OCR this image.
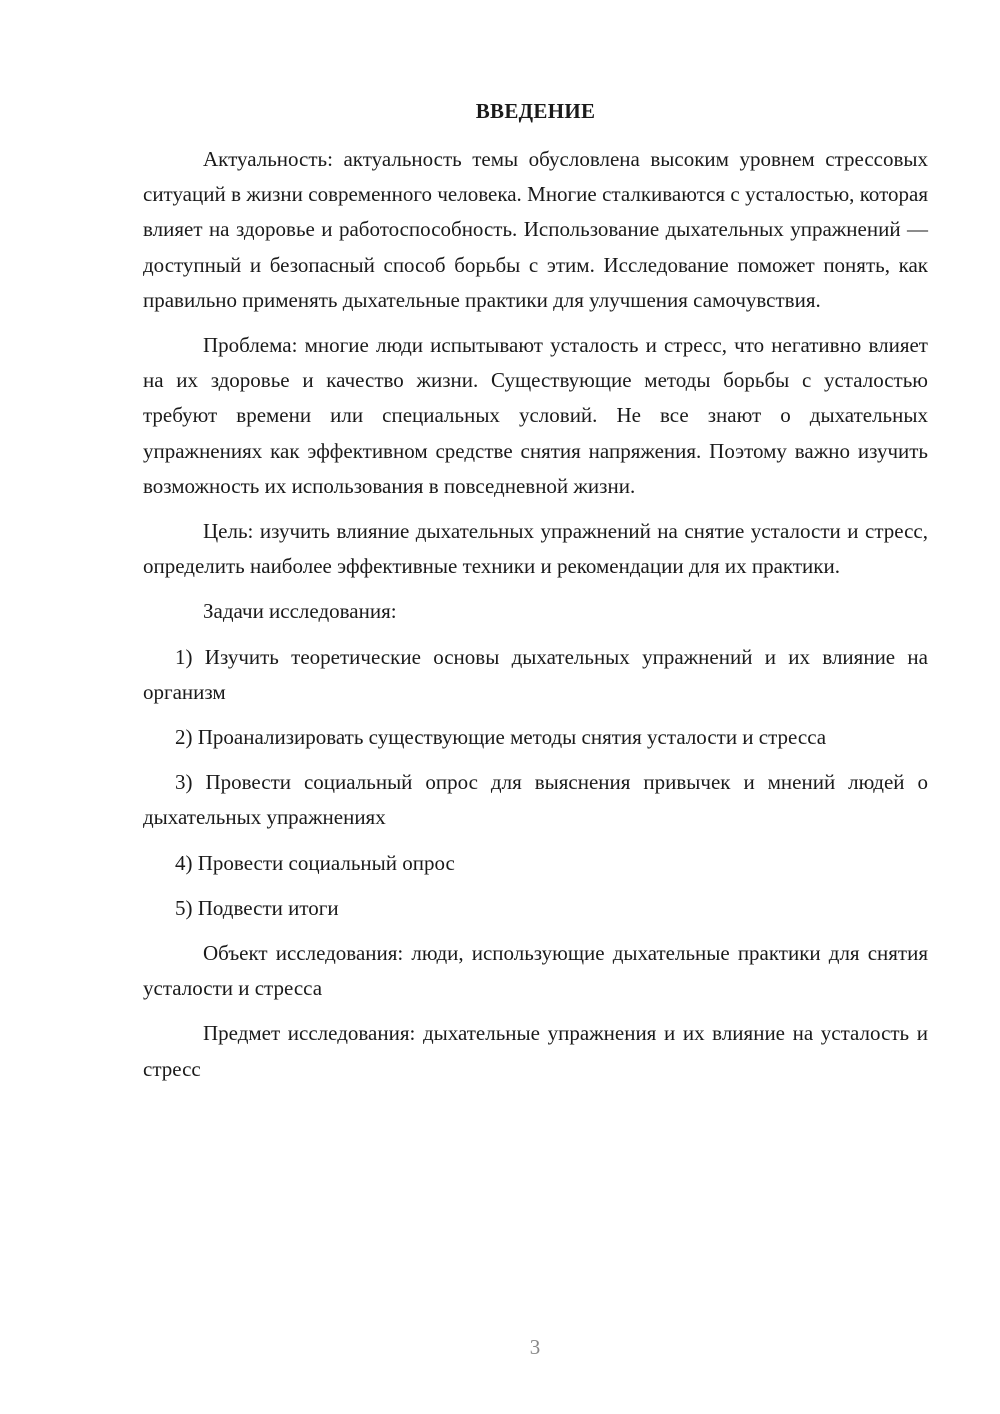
ВВЕДЕНИЕ

Актуальность: актуальность темы обусловлена высоким уровнем стрессовых ситуаций в жизни современного человека. Многие сталкиваются с усталостью, которая влияет на здоровье и работоспособность. Использование дыхательных упражнений — доступный и безопасный способ борьбы с этим. Исследование поможет понять, как правильно применять дыхательные практики для улучшения самочувствия.

Проблема: многие люди испытывают усталость и стресс, что негативно влияет на их здоровье и качество жизни. Существующие методы борьбы с усталостью требуют времени или специальных условий. Не все знают о дыхательных упражнениях как эффективном средстве снятия напряжения. Поэтому важно изучить возможность их использования в повседневной жизни.

Цель: изучить влияние дыхательных упражнений на снятие усталости и стресс, определить наиболее эффективные техники и рекомендации для их практики.

Задачи исследования:

1) Изучить теоретические основы дыхательных упражнений и их влияние на организм

2) Проанализировать существующие методы снятия усталости и стресса

3) Провести социальный опрос для выяснения привычек и мнений людей о дыхательных упражнениях

4) Провести социальный опрос

5) Подвести итоги

Объект исследования: люди, использующие дыхательные практики для снятия усталости и стресса

Предмет исследования: дыхательные упражнения и их влияние на усталость и стресс

3
